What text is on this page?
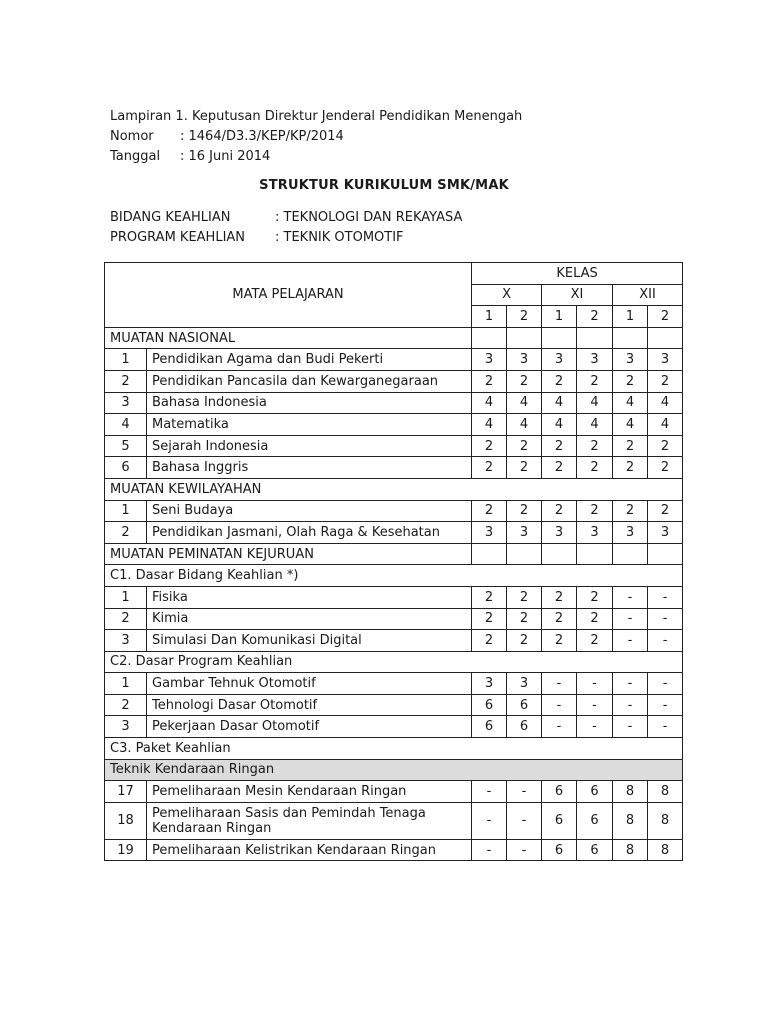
Lampiran 1. Keputusan Direktur Jenderal Pendidikan Menengah
Nomor : 1464/D3.3/KEP/KP/2014
Tanggal : 16 Juni 2014
STRUKTUR KURIKULUM SMK/MAK
BIDANG KEAHLIAN	: TEKNOLOGI DAN REKAYASA
PROGRAM KEAHLIAN : TEKNIK OTOMOTIF
MATA PELAJARAN		KELAS					
		X		XI		XII	
		1	2	1	2	1	2
MUATAN NASIONAL							
1	Pendidikan Agama dan Budi Pekerti	3	3	3	3	3	3
2	Pendidikan Pancasila dan Kewarganegaraan	2	2	2	2	2	2
3	Bahasa Indonesia	4	4	4	4	4	4
4	Matematika	4	4	4	4	4	4
5	Sejarah Indonesia	2	2	2	2	2	2
6	Bahasa Inggris	2	2	2	2	2	2
MUATAN KEWILAYAHAN							
1	Seni Budaya	2	2	2	2	2	2
2	Pendidikan Jasmani, Olah Raga & Kesehatan	3	3	3	3	3	3
MUATAN PEMINATAN KEJURUAN							
C1. Dasar Bidang Keahlian *)							
1	Fisika	2	2	2	2	-	-
2	Kimia	2	2	2	2	-	-
3	Simulasi Dan Komunikasi Digital	2	2	2	2	-	-
C2. Dasar Program Keahlian							
1	Gambar Tehnuk Otomotif	3	3	-	-	-	-
2	Tehnologi Dasar Otomotif	6	6	-	-	-	-
3	Pekerjaan Dasar Otomotif	6	6	-	-	-	-
C3. Paket Keahlian							
Teknik Kendaraan Ringan							
17	Pemeliharaan Mesin Kendaraan Ringan	-	-	6	6	8	8
18	Pemeliharaan Sasis dan Pemindah Tenaga Kendaraan Ringan	-	-	6	6	8	8
19	Pemeliharaan Kelistrikan Kendaraan Ringan	-	-	6	6	8	8
